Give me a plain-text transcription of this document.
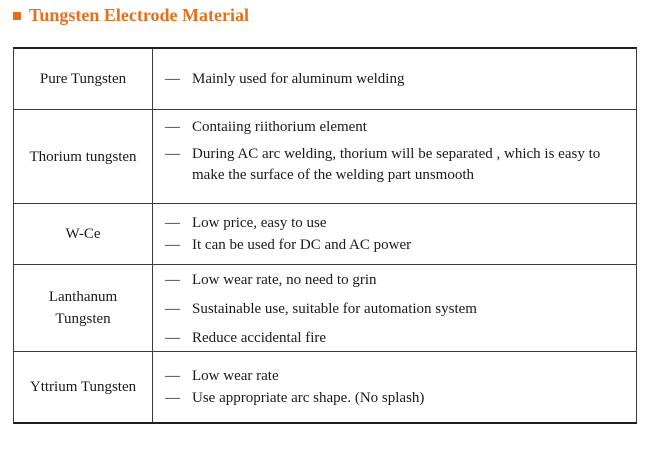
Tungsten Electrode Material
Pure Tungsten	— Mainly used for aluminum welding
Thorium tungsten
— Contaiing riithorium element
— During AC arc welding, thorium will be separated , which is easy to make the surface of the welding part unsmooth
W-Ce
— Low price, easy to use
— It can be used for DC and AC power
Lanthanum Tungsten
— Low wear rate, no need to grin
— Sustainable use, suitable for automation system
— Reduce accidental fire
Yttrium Tungsten
— Low wear rate
— Use appropriate arc shape. (No splash)
